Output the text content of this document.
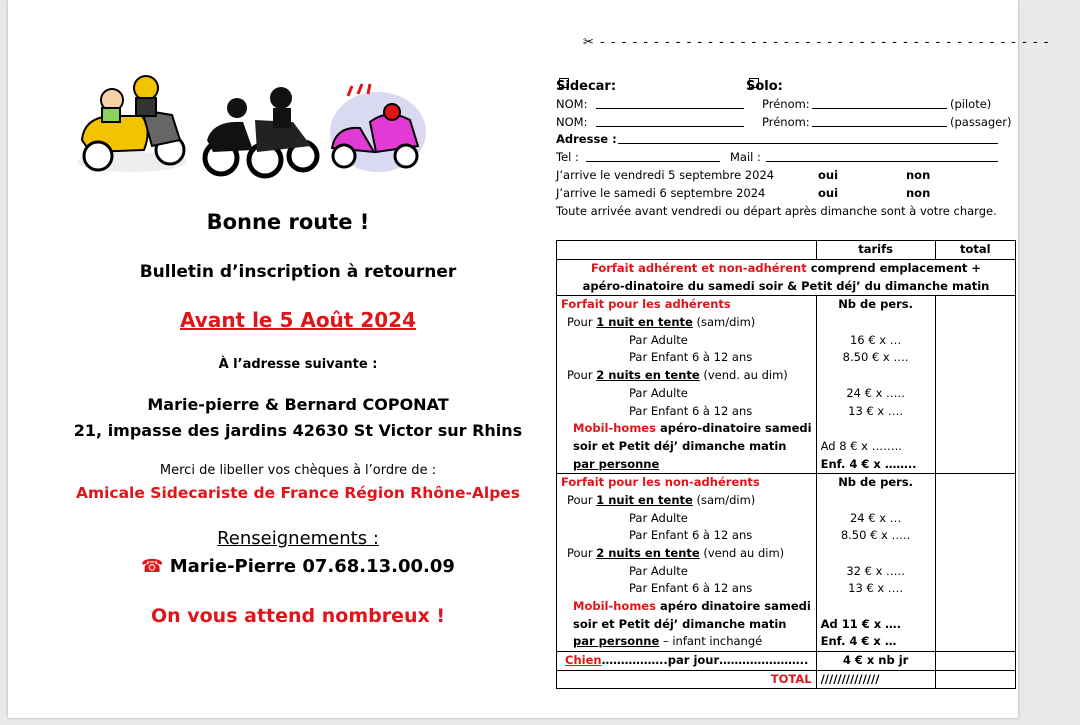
Bonne route !
Bulletin d’inscription à retourner
Avant le 5 Août 2024
À l’adresse suivante :
Marie-pierre & Bernard COPONAT
21, impasse des jardins 42630 St Victor sur Rhins
Merci de libeller vos chèques à l’ordre de :
Amicale Sidecariste de France Région Rhône-Alpes
Renseignements :
☎ Marie-Pierre 07.68.13.00.09
On vous attend nombreux !
✂ - - - - - - - - - - - - - - - - - - - - - - - - - - - - - - - - - - - - - - - - - -
Sidecar:	Solo:
NOM:	Prénom:	(pilote)
NOM:	Prénom:	(passager)
Adresse :
Tel :	Mail :
J’arrive le vendredi 5 septembre 2024	oui	non
J’arrive le samedi 6 septembre 2024	oui	non
Toute arrivée avant vendredi ou départ après dimanche sont à votre charge.
	tarifs	total
Forfait adhérent et non-adhérent comprend emplacement +		
apéro-dinatoire du samedi soir & Petit déj’ du dimanche matin		
Forfait pour les adhérents	Nb de pers.	
Pour 1 nuit en tente (sam/dim)		
Par Adulte	16 € x …	
Par Enfant 6 à 12 ans	8.50 € x ….	
Pour 2 nuits en tente (vend. au dim)		
Par Adulte	24 € x …..	
Par Enfant 6 à 12 ans	13 € x ….	
Mobil-homes apéro-dinatoire samedi		
soir et Petit déj’ dimanche matin	Ad 8 € x ……..	
par personne	Enf. 4 € x ……..	
Forfait pour les non-adhérents	Nb de pers.	
Pour 1 nuit en tente (sam/dim)		
Par Adulte	24 € x …	
Par Enfant 6 à 12 ans	8.50 € x …..	
Pour 2 nuits en tente (vend au dim)		
Par Adulte	32 € x …..	
Par Enfant 6 à 12 ans	13 € x ….	
Mobil-homes apéro dinatoire samedi		
soir et Petit déj’ dimanche matin	Ad 11 € x ….	
par personne – infant inchangé	Enf. 4 € x …	
Chien……………..par jour…………………..	4 € x nb jr	
TOTAL	//////////////	
